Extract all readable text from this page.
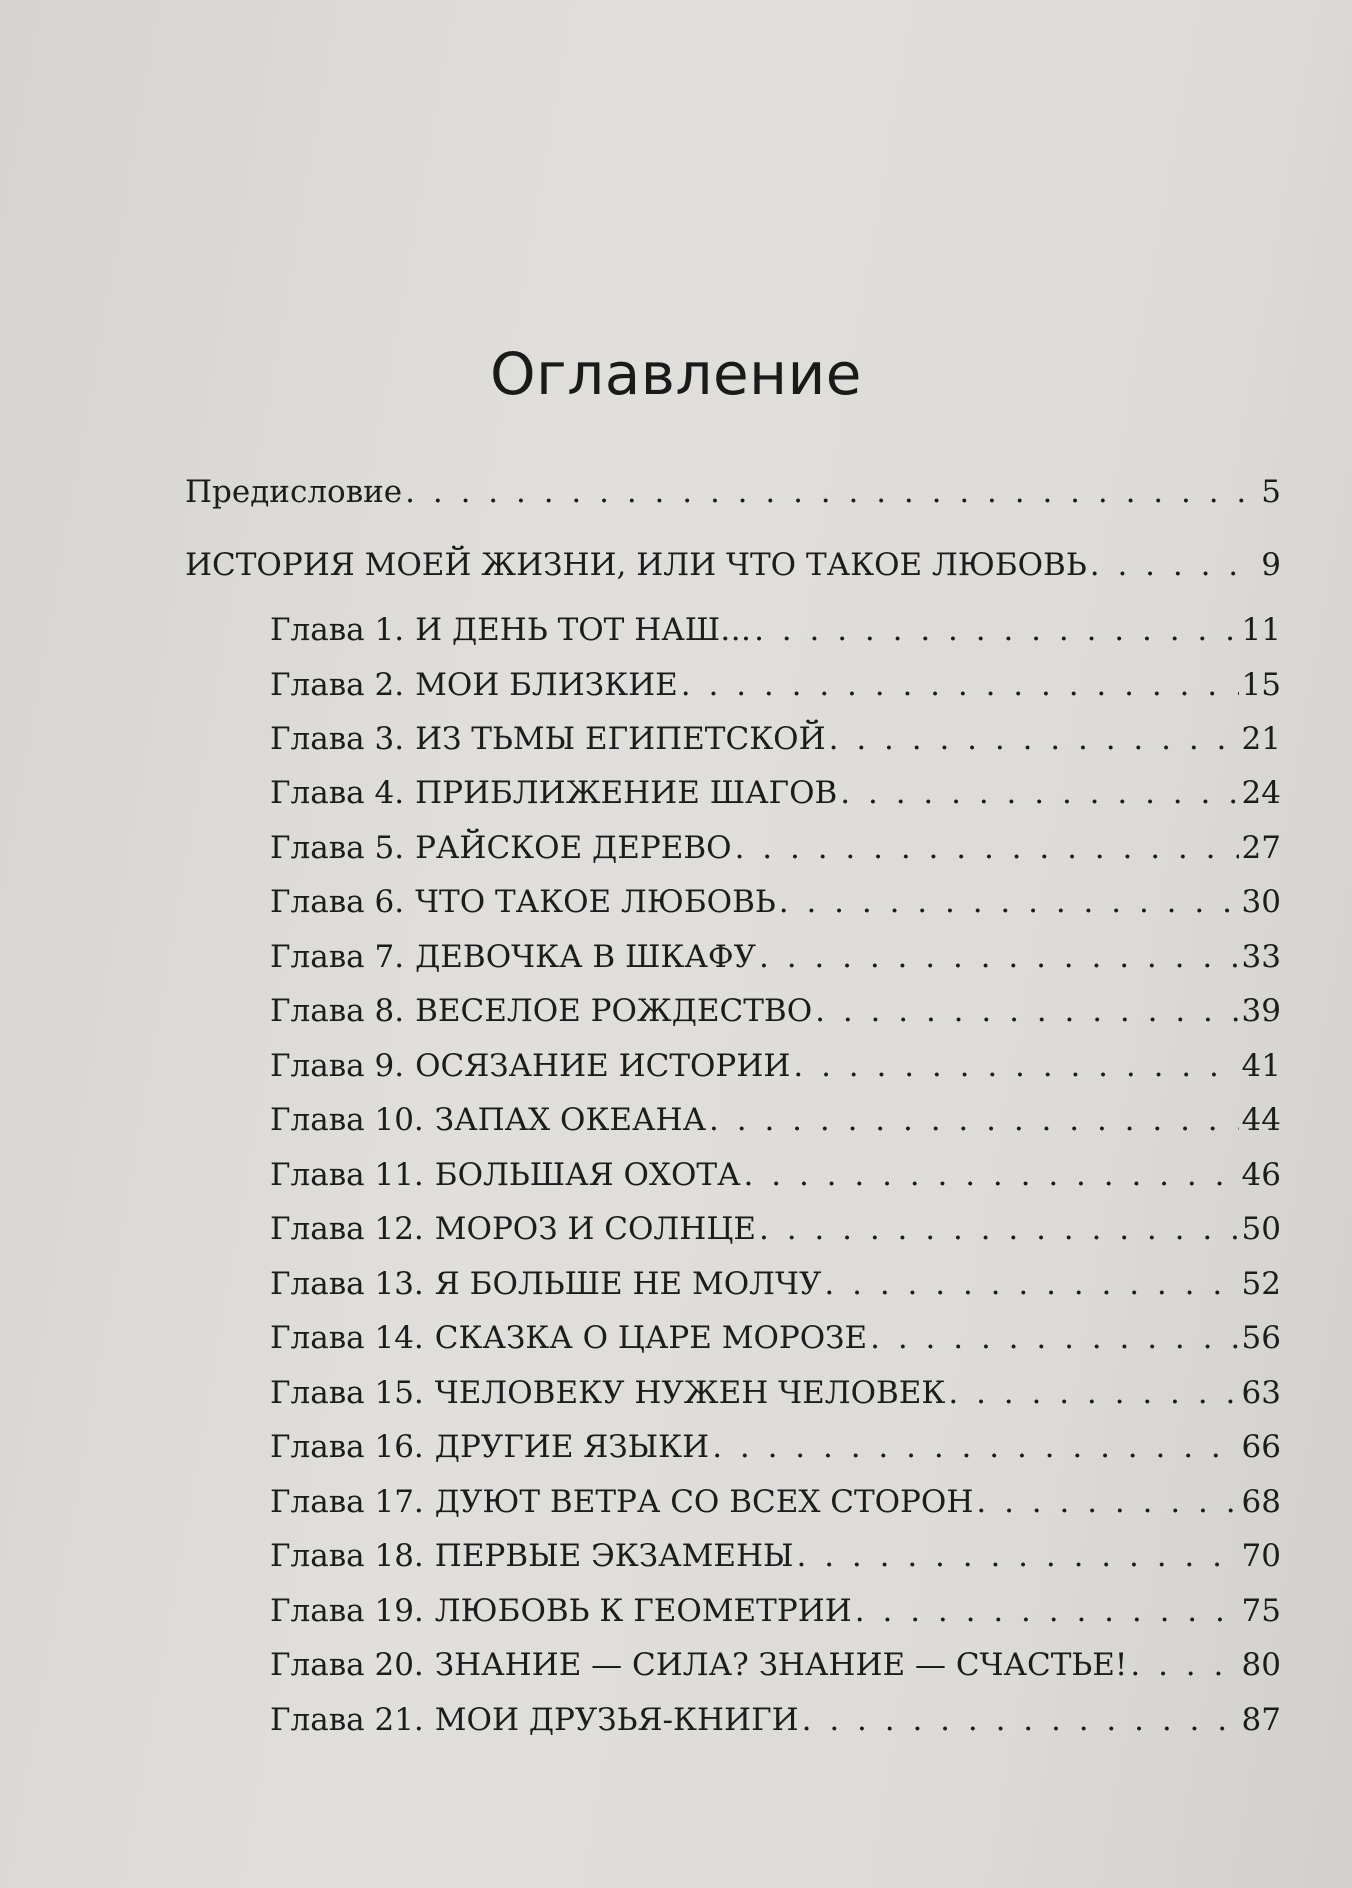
Оглавление
Предисловие . . .	5
ИСТОРИЯ МОЕЙ ЖИЗНИ, ИЛИ ЧТО ТАКОЕ ЛЮБОВЬ . . .	9
Глава 1. И ДЕНЬ ТОТ НАШ… . . .	11
Глава 2. МОИ БЛИЗКИЕ . . .	15
Глава 3. ИЗ ТЬМЫ ЕГИПЕТСКОЙ . . .	21
Глава 4. ПРИБЛИЖЕНИЕ ШАГОВ . . .	24
Глава 5. РАЙСКОЕ ДЕРЕВО . . .	27
Глава 6. ЧТО ТАКОЕ ЛЮБОВЬ . . .	30
Глава 7. ДЕВОЧКА В ШКАФУ . . .	33
Глава 8. ВЕСЕЛОЕ РОЖДЕСТВО . . .	39
Глава 9. ОСЯЗАНИЕ ИСТОРИИ . . .	41
Глава 10. ЗАПАХ ОКЕАНА . . .	44
Глава 11. БОЛЬШАЯ ОХОТА . . .	46
Глава 12. МОРОЗ И СОЛНЦЕ . . .	50
Глава 13. Я БОЛЬШЕ НЕ МОЛЧУ . . .	52
Глава 14. СКАЗКА О ЦАРЕ МОРОЗЕ . . .	56
Глава 15. ЧЕЛОВЕКУ НУЖЕН ЧЕЛОВЕК . . .	63
Глава 16. ДРУГИЕ ЯЗЫКИ . . .	66
Глава 17. ДУЮТ ВЕТРА СО ВСЕХ СТОРОН . . .	68
Глава 18. ПЕРВЫЕ ЭКЗАМЕНЫ . . .	70
Глава 19. ЛЮБОВЬ К ГЕОМЕТРИИ . . .	75
Глава 20. ЗНАНИЕ — СИЛА? ЗНАНИЕ — СЧАСТЬЕ! . . .	80
Глава 21. МОИ ДРУЗЬЯ-КНИГИ . . .	87
